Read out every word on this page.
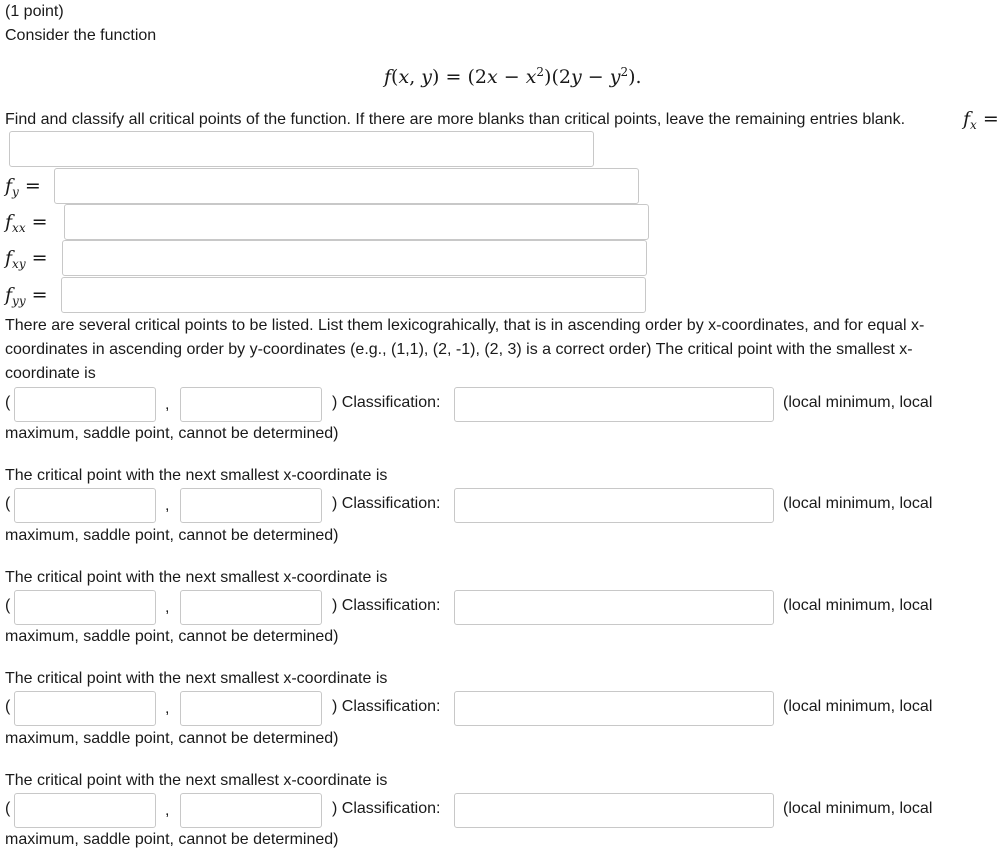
(1 point)
Consider the function
f(x, $y) = (2x - x^2)(2y - y^2)$.
Find and classify all critical points of the function. If there are more blanks than critical points, leave the remaining entries blank.	$f_x$ =
$f_y$ =
$f_{xx}$ =
$f_{xy}$ =
$f_{yy}$ =
There are several critical points to be listed. List them lexicograhically, that is in ascending order by x-coordinates, and for equal x-
coordinates in ascending order by y-coordinates (e.g., (1,1), (2, -1), (2, 3) is a correct order) The critical point with the smallest x-
coordinate is
(	,	) Classification:	(local minimum, local
maximum, saddle point, cannot be determined)
The critical point with the next smallest x-coordinate is
(	,	) Classification:	(local minimum, local
maximum, saddle point, cannot be determined)
The critical point with the next smallest x-coordinate is
(	,	) Classification:	(local minimum, local
maximum, saddle point, cannot be determined)
The critical point with the next smallest x-coordinate is
(	,	) Classification:	(local minimum, local
maximum, saddle point, cannot be determined)
The critical point with the next smallest x-coordinate is
(	,	) Classification:	(local minimum, local
maximum, saddle point, cannot be determined)
